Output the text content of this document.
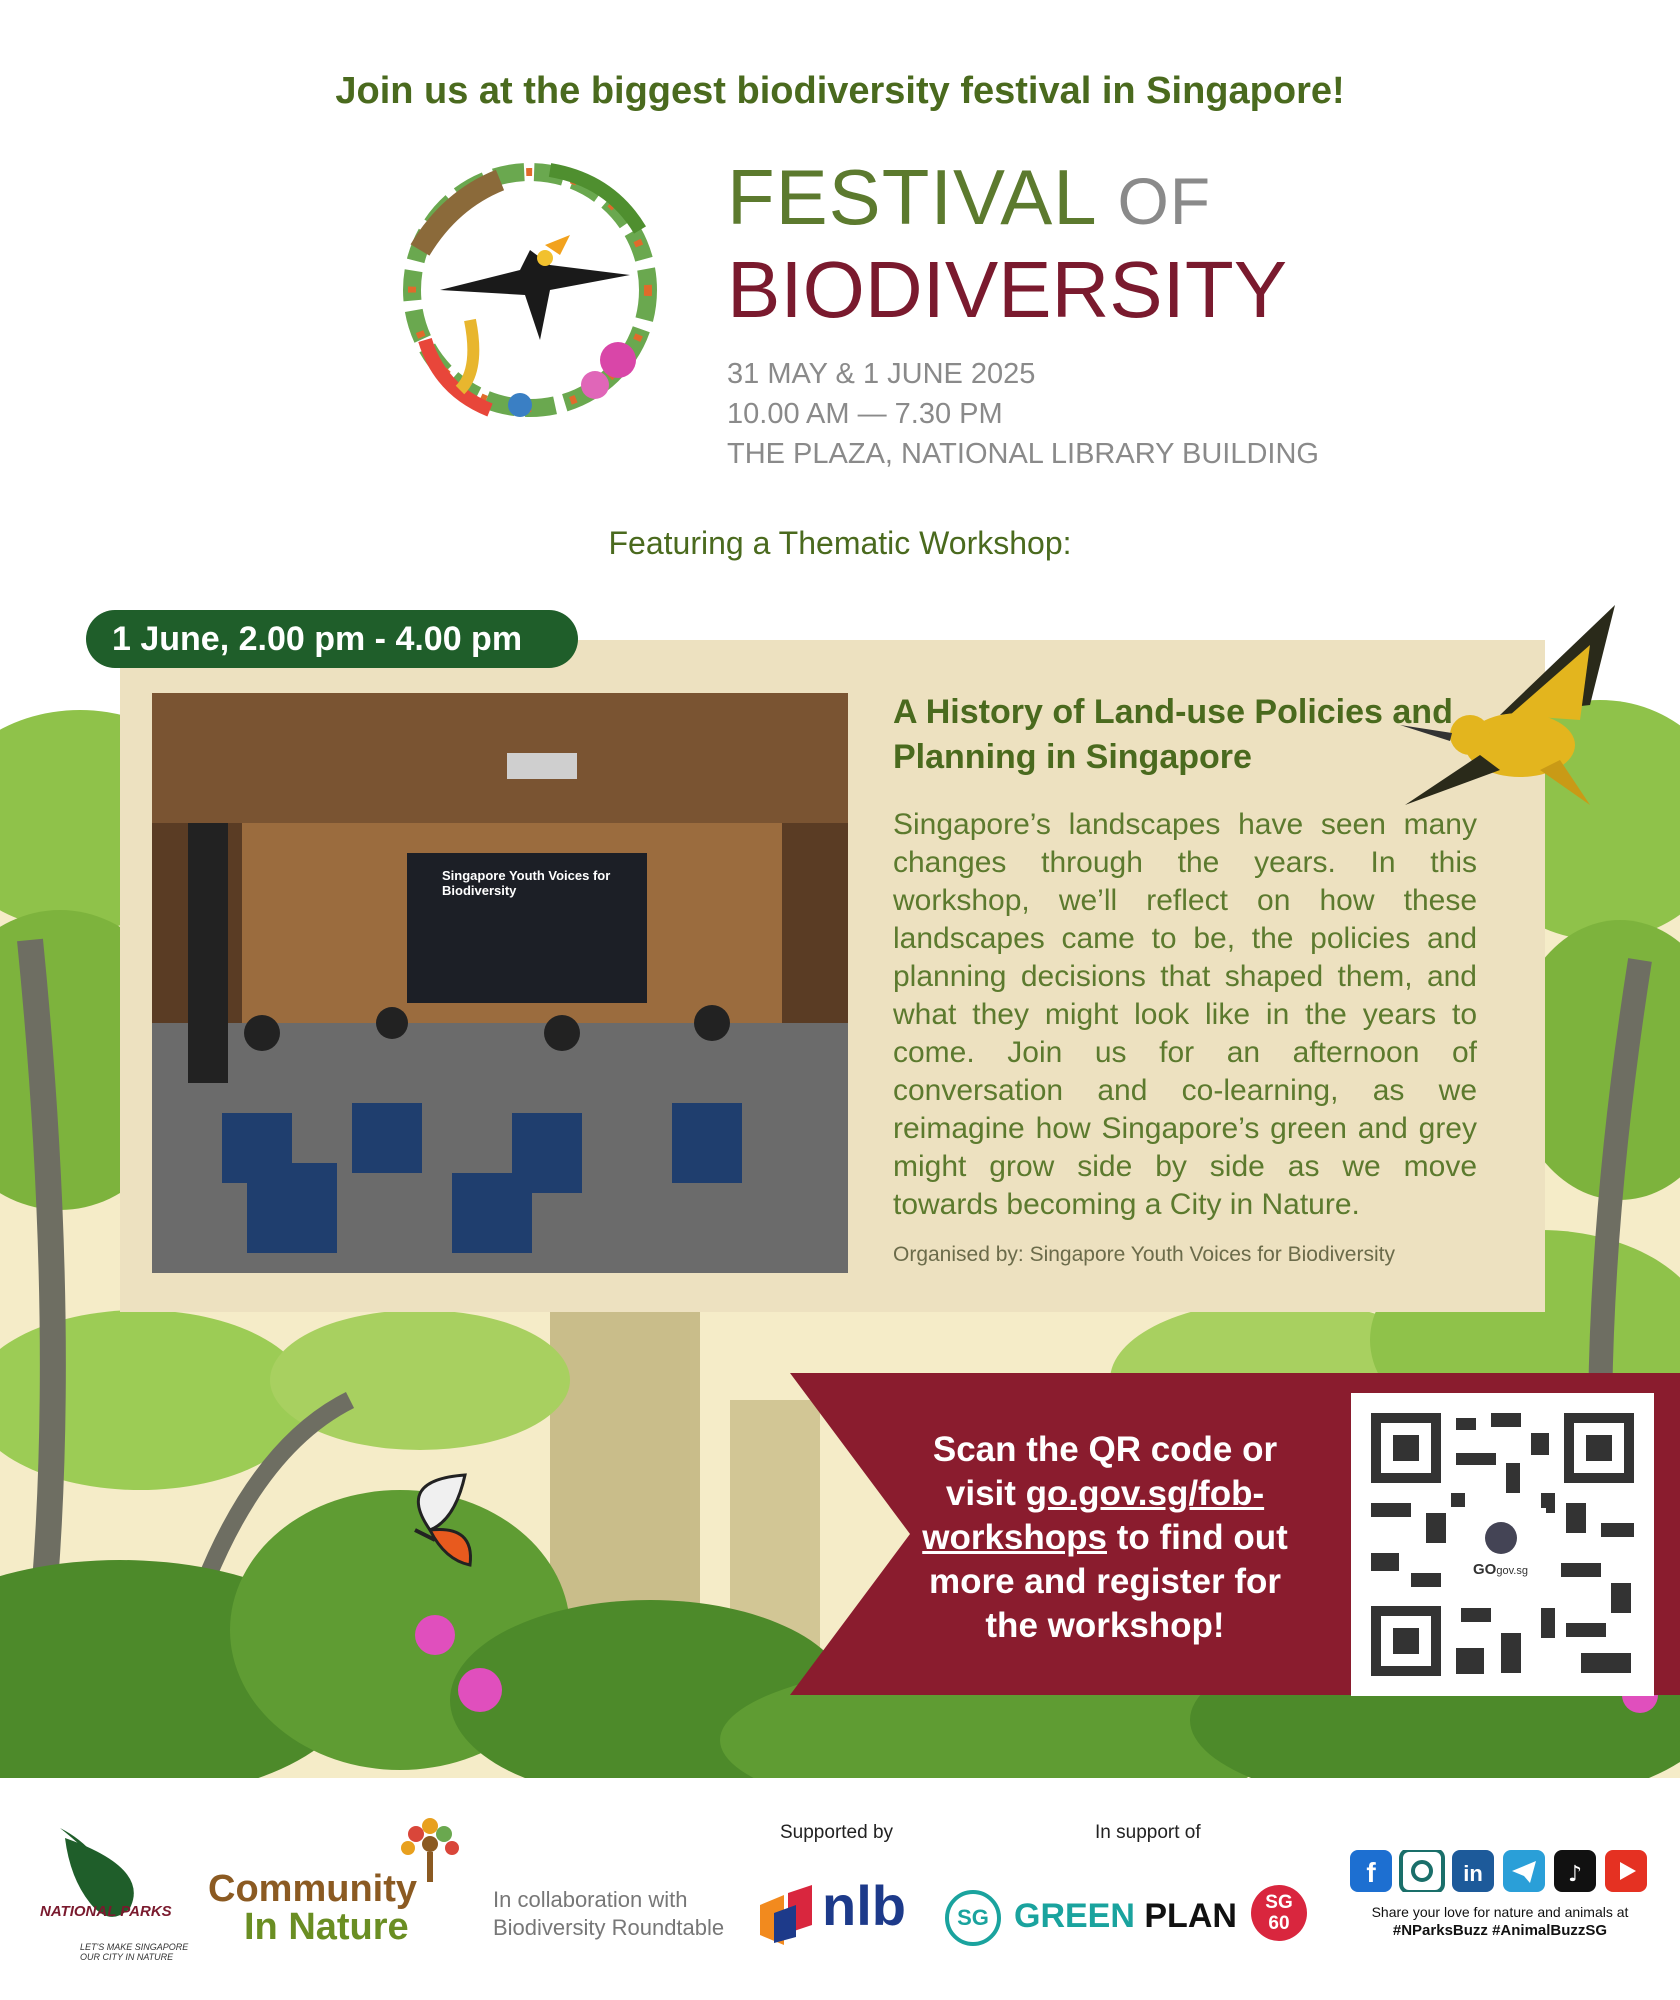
Join us at the biggest biodiversity festival in Singapore!
FESTIVAL OF
BIODIVERSITY
31 MAY & 1 JUNE 2025
10.00 AM — 7.30 PM
THE PLAZA, NATIONAL LIBRARY BUILDING
Featuring a Thematic Workshop:
1 June, 2.00 pm - 4.00 pm
Singapore Youth Voices for Biodiversity
A History of Land-use Policies and Planning in Singapore
Singapore’s landscapes have seen many changes through the years. In this workshop, we’ll reflect on how these landscapes came to be, the policies and planning decisions that shaped them, and what they might look like in the years to come. Join us for an afternoon of conversation and co-learning, as we reimagine how Singapore’s green and grey might grow side by side as we move towards becoming a City in Nature.
Organised by: Singapore Youth Voices for Biodiversity
Scan the QR code or
visit go.gov.sg/fob-workshops to find out more and register for the workshop!
GOgov.sg
NATIONAL PARKS
LET'S MAKE SINGAPORE OUR CITY IN NATURE
Community
In Nature
In collaboration with
Biodiversity Roundtable
Supported by
nlb
In support of
SG GREEN PLAN	SG
60
f	in	♪
Share your love for nature and animals at
#NParksBuzz #AnimalBuzzSG
